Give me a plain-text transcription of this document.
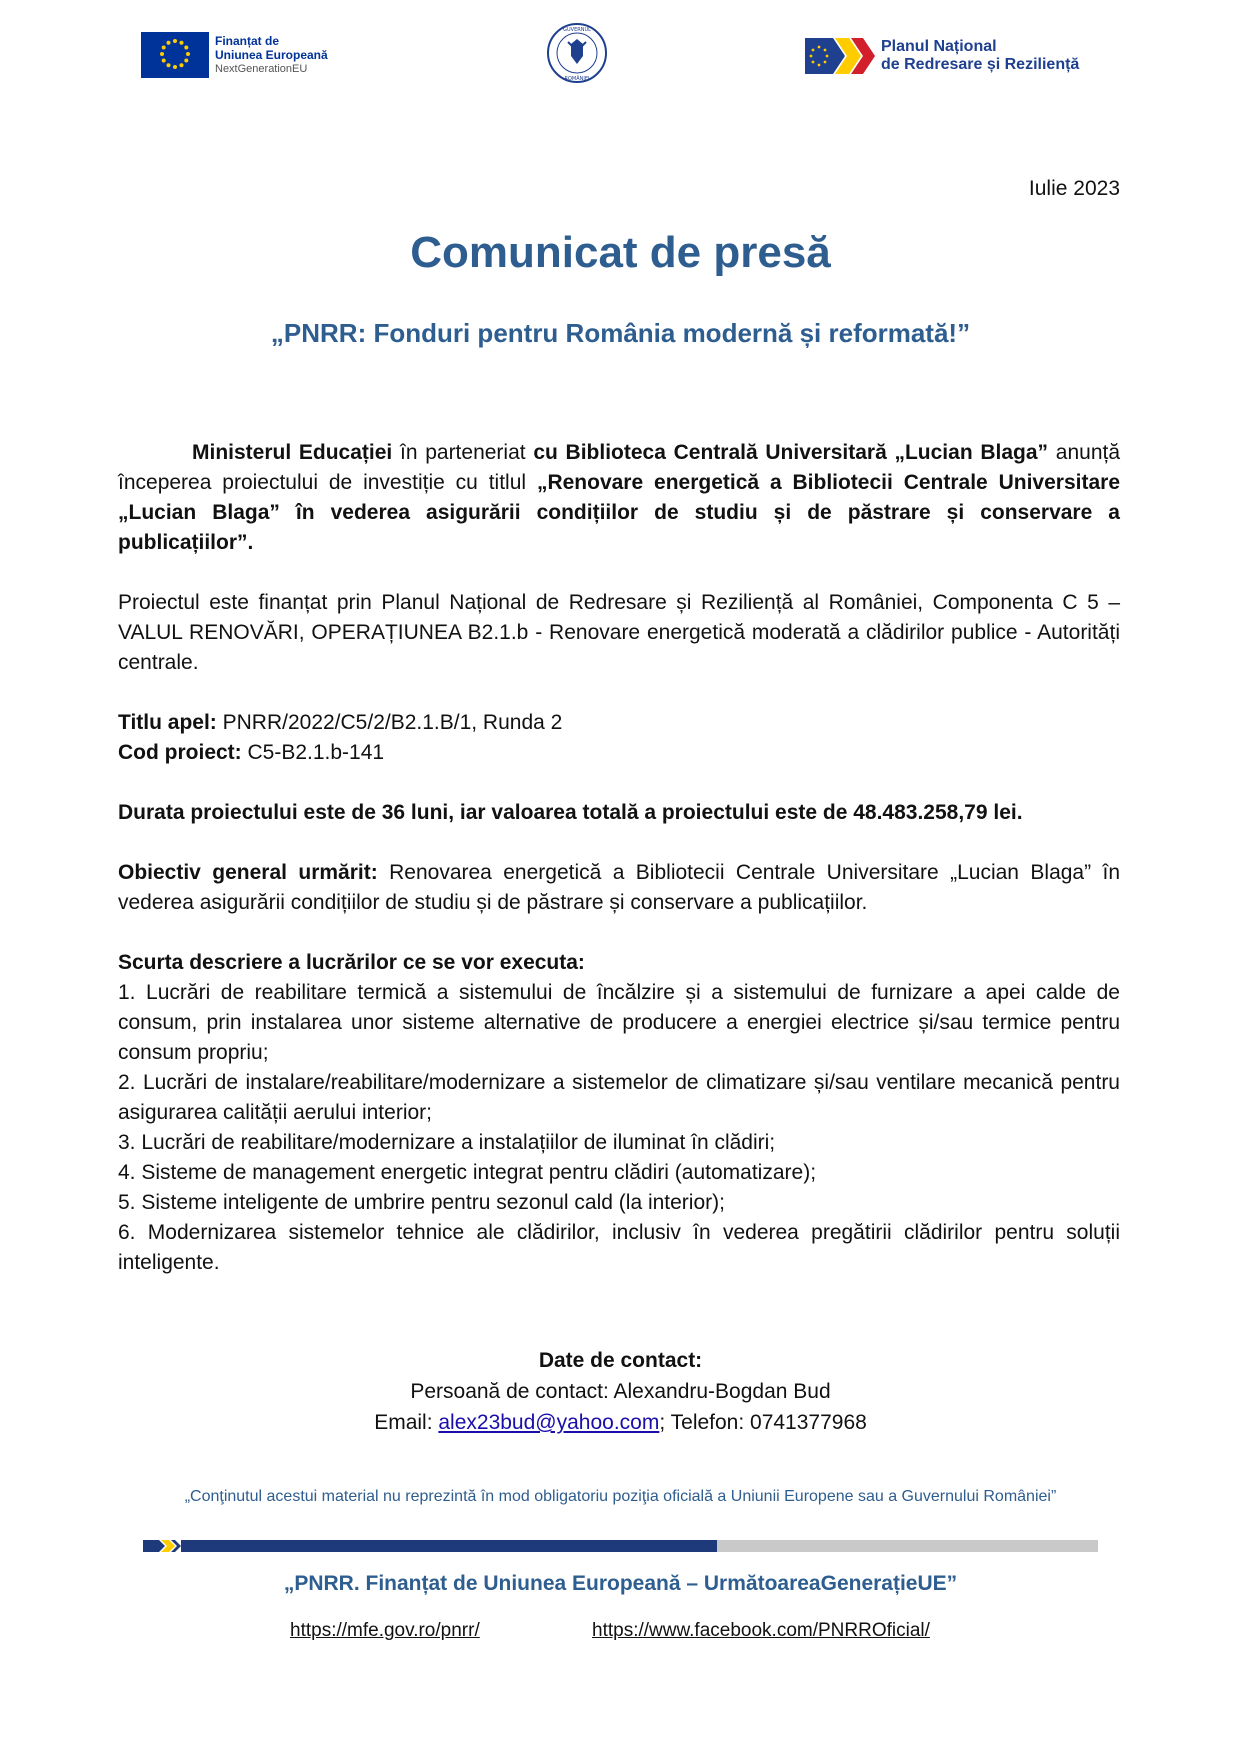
Finanțat de
Uniunea Europeană
NextGenerationEU
GUVERNUL
ROMÂNIEI
Planul Național
de Redresare și Reziliență
Iulie 2023
Comunicat de presă
„PNRR: Fonduri pentru România modernă și reformată!”

Ministerul Educației în parteneriat cu Biblioteca Centrală Universitară „Lucian Blaga” anunță începerea proiectului de investiție cu titlul „Renovare energetică a Bibliotecii Centrale Universitare „Lucian Blaga” în vederea asigurării condițiilor de studiu și de păstrare și conservare a publicațiilor”.

Proiectul este finanțat prin Planul Național de Redresare și Reziliență al României, Componenta C 5 – VALUL RENOVĂRI, OPERAȚIUNEA B2.1.b - Renovare energetică moderată a clădirilor publice - Autorități centrale.

Titlu apel: PNRR/2022/C5/2/B2.1.B/1, Runda 2

Cod proiect: C5-B2.1.b-141

Durata proiectului este de 36 luni, iar valoarea totală a proiectului este de 48.483.258,79 lei.

Obiectiv general urmărit: Renovarea energetică a Bibliotecii Centrale Universitare „Lucian Blaga” în vederea asigurării condițiilor de studiu și de păstrare și conservare a publicațiilor.

Scurta descriere a lucrărilor ce se vor executa:

1. Lucrări de reabilitare termică a sistemului de încălzire și a sistemului de furnizare a apei calde de consum, prin instalarea unor sisteme alternative de producere a energiei electrice și/sau termice pentru consum propriu;

2. Lucrări de instalare/reabilitare/modernizare a sistemelor de climatizare și/sau ventilare mecanică pentru asigurarea calității aerului interior;

3. Lucrări de reabilitare/modernizare a instalațiilor de iluminat în clădiri;

4. Sisteme de management energetic integrat pentru clădiri (automatizare);

5. Sisteme inteligente de umbrire pentru sezonul cald (la interior);

6. Modernizarea sistemelor tehnice ale clădirilor, inclusiv în vederea pregătirii clădirilor pentru soluții inteligente.

Date de contact:
Persoană de contact: Alexandru-Bogdan Bud
Email: alex23bud@yahoo.com; Telefon: 0741377968
„Conţinutul acestui material nu reprezintă în mod obligatoriu poziţia oficială a Uniunii Europene sau a Guvernului României”
„PNRR. Finanțat de Uniunea Europeană – UrmătoareaGenerațieUE”
https://mfe.gov.ro/pnrr/	https://www.facebook.com/PNRROficial/
